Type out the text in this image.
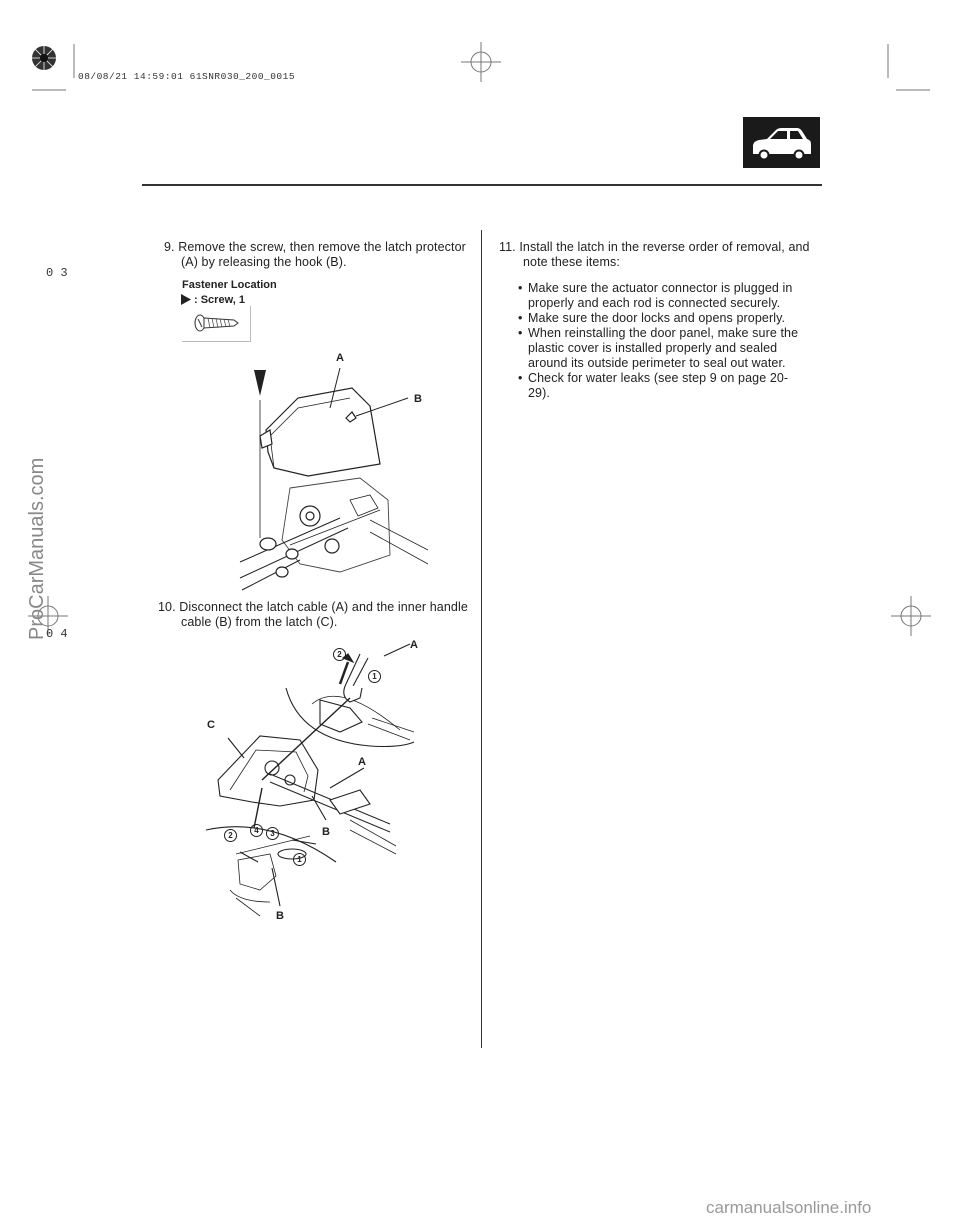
08/08/21 14:59:01 61SNR030_200_0015
0 3
0 4
ProCarManuals.com
9. Remove the screw, then remove the latch protector
(A) by releasing the hook (B).
Fastener Location
: Screw, 1
A
B
10. Disconnect the latch cable (A) and the inner handle
cable (B) from the latch (C).
A
A
B
B
C
2
1
2
4	3
1
11. Install the latch in the reverse order of removal, and
note these items:
• Make sure the actuator connector is plugged in properly and each rod is connected securely.
• Make sure the door locks and opens properly.
• When reinstalling the door panel, make sure the plastic cover is installed properly and sealed around its outside perimeter to seal out water.
• Check for water leaks (see step 9 on page 20-29).
carmanualsonline.info
